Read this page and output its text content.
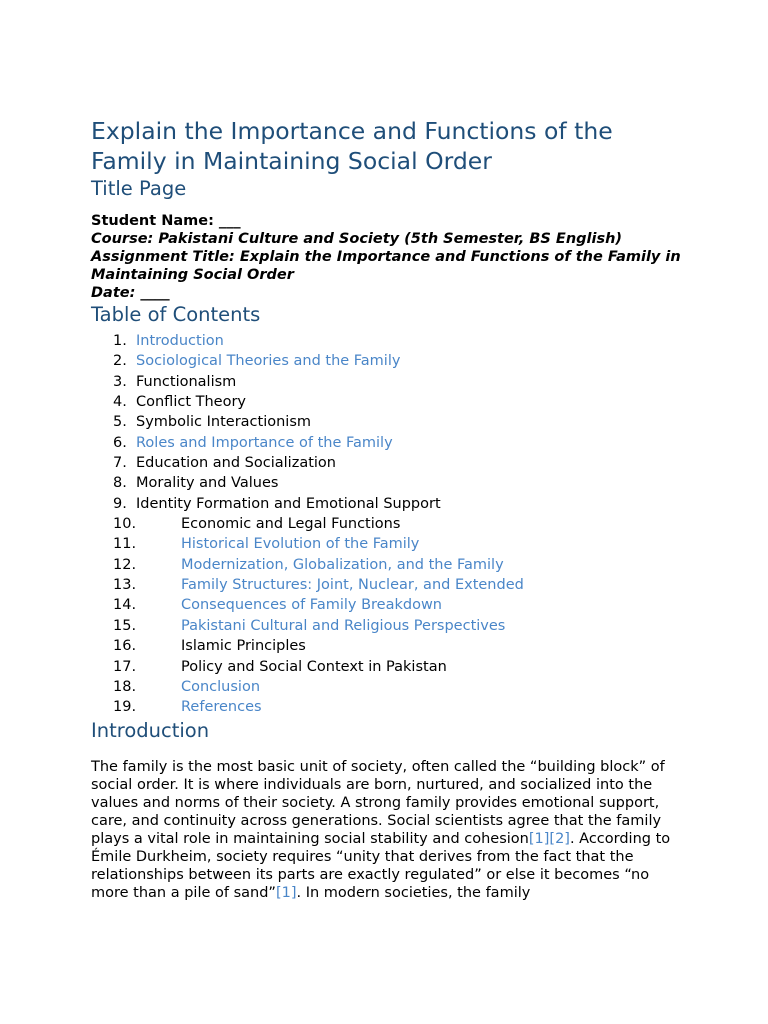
Explain the Importance and Functions of the Family in Maintaining Social Order
Title Page
Student Name: ___
Course: Pakistani Culture and Society (5th Semester, BS English)
Assignment Title: Explain the Importance and Functions of the Family in Maintaining Social Order
Date: ____
Table of Contents
1. Introduction
2. Sociological Theories and the Family
3. Functionalism
4. Conflict Theory
5. Symbolic Interactionism
6. Roles and Importance of the Family
7. Education and Socialization
8. Morality and Values
9. Identity Formation and Emotional Support
10.	Economic and Legal Functions
11.	Historical Evolution of the Family
12.	Modernization, Globalization, and the Family
13.	Family Structures: Joint, Nuclear, and Extended
14.	Consequences of Family Breakdown
15.	Pakistani Cultural and Religious Perspectives
16.	Islamic Principles
17.	Policy and Social Context in Pakistan
18.	Conclusion
19.	References
Introduction
The family is the most basic unit of society, often called the “building block” of social order. It is where individuals are born, nurtured, and socialized into the values and norms of their society. A strong family provides emotional support, care, and continuity across generations. Social scientists agree that the family plays a vital role in maintaining social stability and cohesion[1][2]. According to Émile Durkheim, society requires “unity that derives from the fact that the relationships between its parts are exactly regulated” or else it becomes “no more than a pile of sand”[1]. In modern societies, the family
